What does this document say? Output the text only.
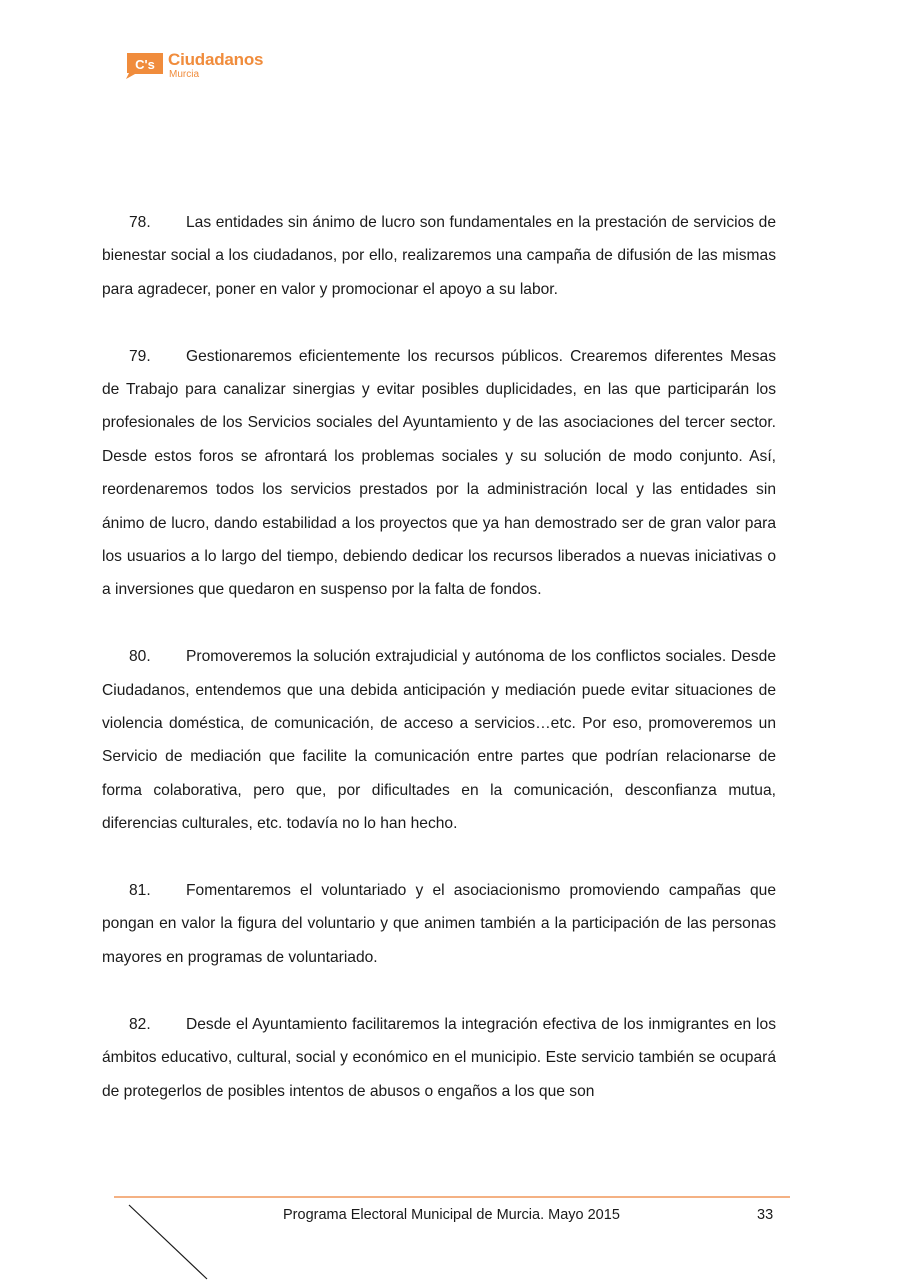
C's Ciudadanos
Murcia

78. Las entidades sin ánimo de lucro son fundamentales en la prestación de servicios de bienestar social a los ciudadanos, por ello, realizaremos una campaña de difusión de las mismas para agradecer, poner en valor y promocionar el apoyo a su labor.

79. Gestionaremos eficientemente los recursos públicos. Crearemos diferentes Mesas de Trabajo para canalizar sinergias y evitar posibles duplicidades, en las que participarán los profesionales de los Servicios sociales del Ayuntamiento y de las asociaciones del tercer sector. Desde estos foros se afrontará los problemas sociales y su solución de modo conjunto. Así, reordenaremos todos los servicios prestados por la administración local y las entidades sin ánimo de lucro, dando estabilidad a los proyectos que ya han demostrado ser de gran valor para los usuarios a lo largo del tiempo, debiendo dedicar los recursos liberados a nuevas iniciativas o a inversiones que quedaron en suspenso por la falta de fondos.

80. Promoveremos la solución extrajudicial y autónoma de los conflictos sociales. Desde Ciudadanos, entendemos que una debida anticipación y mediación puede evitar situaciones de violencia doméstica, de comunicación, de acceso a servicios…etc. Por eso, promoveremos un Servicio de mediación que facilite la comunicación entre partes que podrían relacionarse de forma colaborativa, pero que, por dificultades en la comunicación, desconfianza mutua, diferencias culturales, etc. todavía no lo han hecho.

81. Fomentaremos el voluntariado y el asociacionismo promoviendo campañas que pongan en valor la figura del voluntario y que animen también a la participación de las personas mayores en programas de voluntariado.

82. Desde el Ayuntamiento facilitaremos la integración efectiva de los inmigrantes en los ámbitos educativo, cultural, social y económico en el municipio. Este servicio también se ocupará de protegerlos de posibles intentos de abusos o engaños a los que son

Programa Electoral Municipal de Murcia. Mayo 2015	33
